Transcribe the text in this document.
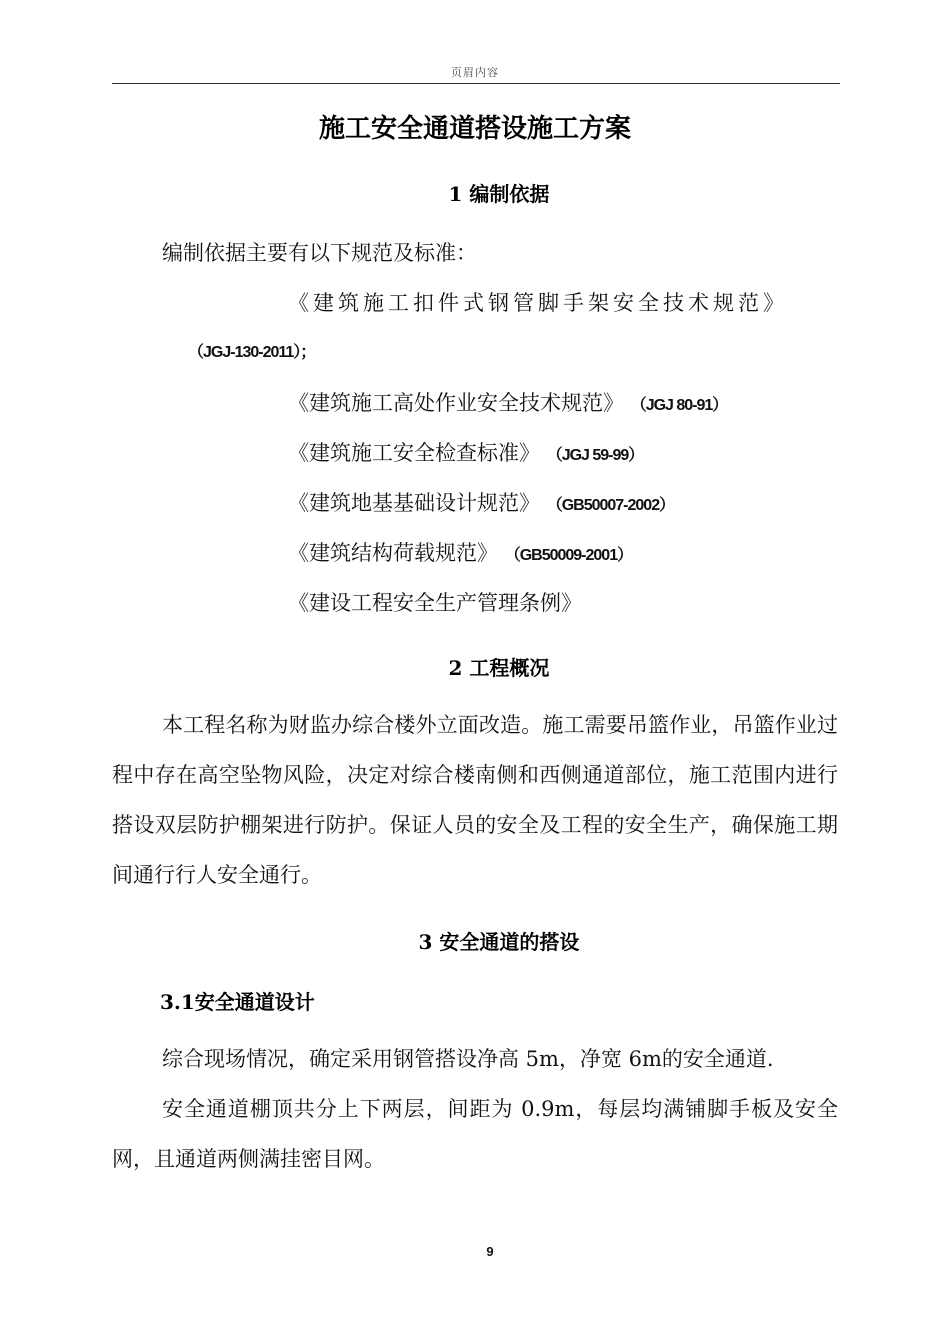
页眉内容
施工安全通道搭设施工方案
1 编制依据
编制依据主要有以下规范及标准：
《建筑施工扣件式钢管脚手架安全技术规范》
（JGJ-130-2011）；
《建筑施工高处作业安全技术规范》 （JGJ 80-91）
《建筑施工安全检查标准》 （JGJ 59-99）
《建筑地基基础设计规范》 （GB50007-2002）
《建筑结构荷载规范》 （GB50009-2001）
《建设工程安全生产管理条例》
2 工程概况
本工程名称为财监办综合楼外立面改造。施工需要吊篮作业，吊篮作业过程中存在高空坠物风险，决定对综合楼南侧和西侧通道部位，施工范围内进行搭设双层防护棚架进行防护。保证人员的安全及工程的安全生产，确保施工期间通行行人安全通行。
3 安全通道的搭设
3.1安全通道设计
综合现场情况，确定采用钢管搭设净高 5m，净宽 6m的安全通道.
安全通道棚顶共分上下两层，间距为 0.9m，每层均满铺脚手板及安全网，且通道两侧满挂密目网。
9
